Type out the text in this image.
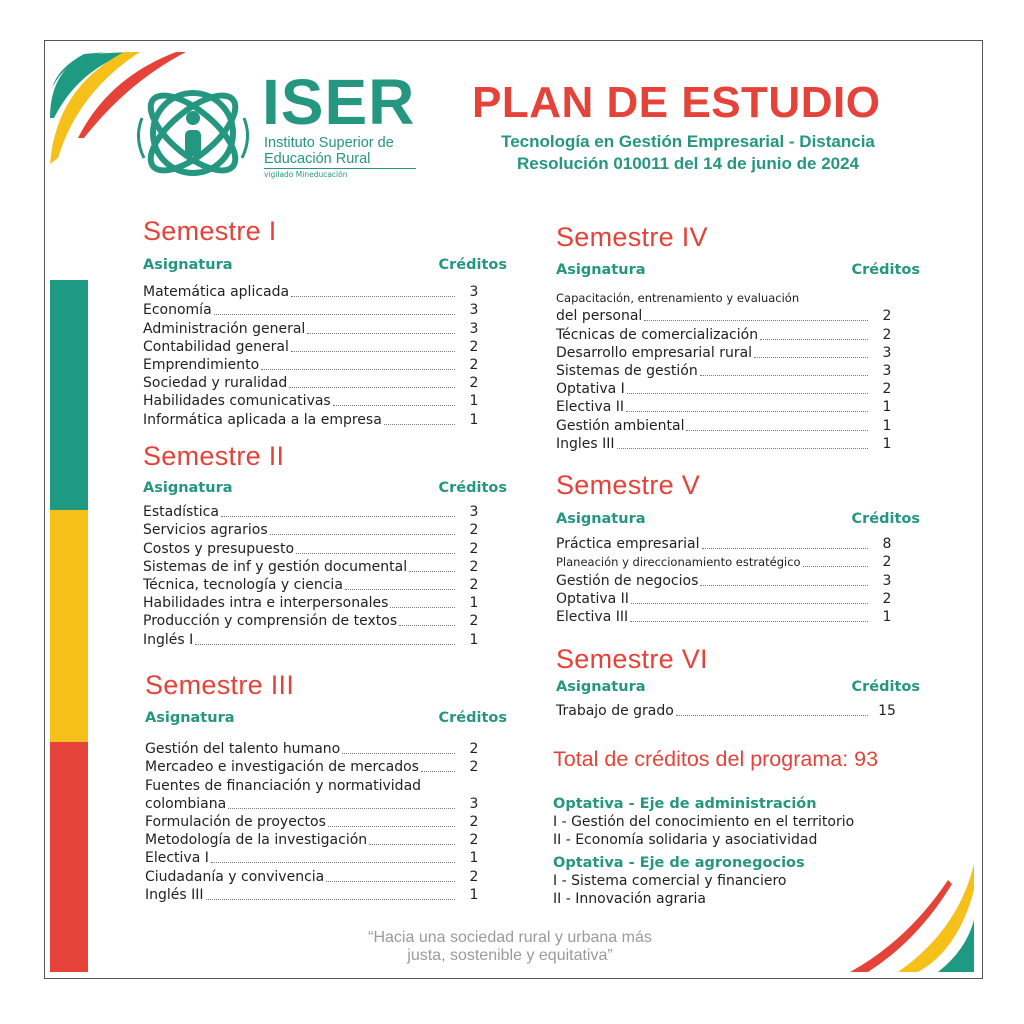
ISER
Instituto Superior de
Educación Rural
vigilado Mineducación
PLAN DE ESTUDIO
Tecnología en Gestión Empresarial - Distancia
Resolución 010011 del 14 de junio de 2024
Semestre I
Asignatura	Créditos
Matemática aplicada	3
Economía	3
Administración general	3
Contabilidad general	2
Emprendimiento	2
Sociedad y ruralidad	2
Habilidades comunicativas	1
Informática aplicada a la empresa	1
Semestre II
Asignatura	Créditos
Estadística	3
Servicios agrarios	2
Costos y presupuesto	2
Sistemas de inf y gestión documental	2
Técnica, tecnología y ciencia	2
Habilidades intra e interpersonales	1
Producción y comprensión de textos	2
Inglés I	1
Semestre III
Asignatura	Créditos
Gestión del talento humano	2
Mercadeo e investigación de mercados	2
Fuentes de financiación y normatividad
colombiana	3
Formulación de proyectos	2
Metodología de la investigación	2
Electiva I	1
Ciudadanía y convivencia	2
Inglés III	1
Semestre IV
Asignatura	Créditos
Capacitación, entrenamiento y evaluación
del personal	2
Técnicas de comercialización	2
Desarrollo empresarial rural	3
Sistemas de gestión	3
Optativa I	2
Electiva II	1
Gestión ambiental	1
Ingles III	1
Semestre V
Asignatura	Créditos
Práctica empresarial	8
Planeación y direccionamiento estratégico	2
Gestión de negocios	3
Optativa II	2
Electiva III	1
Semestre VI
Asignatura	Créditos
Trabajo de grado	15
Total de créditos del programa: 93
Optativa - Eje de administración
I - Gestión del conocimiento en el territorio
II - Economía solidaria y asociatividad
Optativa - Eje de agronegocios
I - Sistema comercial y financiero
II - Innovación agraria
“Hacia una sociedad rural y urbana más
justa, sostenible y equitativa”
